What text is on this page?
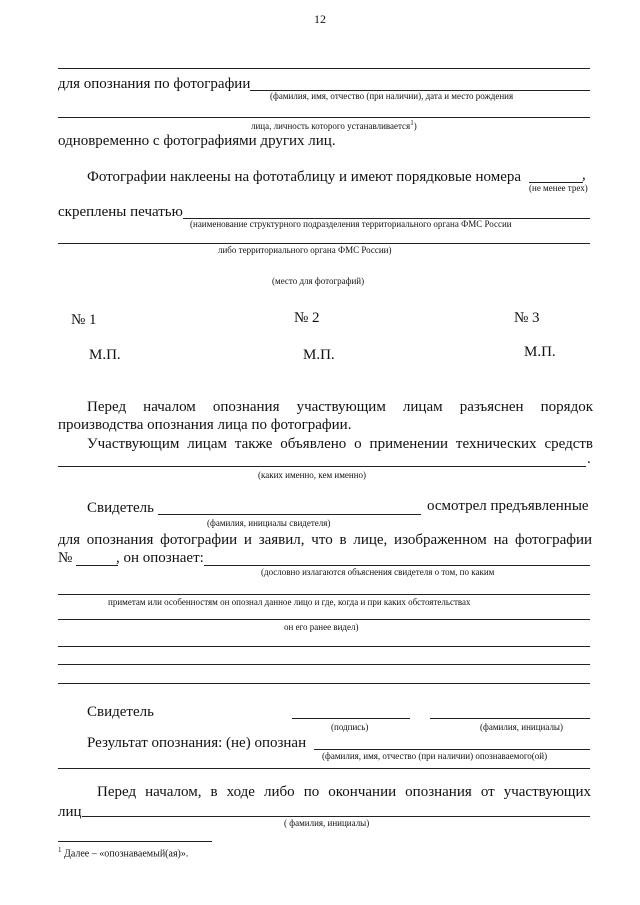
12
для опознания по фотографии
(фамилия, имя, отчество (при наличии), дата и место рождения
лица, личность которого устанавливается$^1$)
одновременно с фотографиями других лиц.
Фотографии наклеены на фототаблицу и имеют порядковые номера	,
(не менее трех)
скреплены печатью
(наименование структурного подразделения территориального органа ФМС России
либо территориального органа ФМС России)
(место для фотографий)
№ 1	№ 2	№ 3
М.П.	М.П.	М.П.
Перед началом опознания участвующим лицам разъяснен порядок
производства опознания лица по фотографии.
Участвующим лицам также объявлено о применении технических средств
.
(каких именно, кем именно)
Свидетель	осмотрел предъявленные
(фамилия, инициалы свидетеля)
для опознания фотографии и заявил, что в лице, изображенном на фотографии
№	, он опознает:
(дословно излагаются объяснения свидетеля о том, по каким
приметам или особенностям он опознал данное лицо и где, когда и при каких обстоятельствах
он его ранее видел)
Свидетель
(подпись)	(фамилия, инициалы)
Результат опознания: (не) опознан
(фамилия, имя, отчество (при наличии) опознаваемого(ой)
Перед началом, в ходе либо по окончании опознания от участвующих
лиц
( фамилия, инициалы)
$^1$ Далее – «опознаваемый(ая)».
